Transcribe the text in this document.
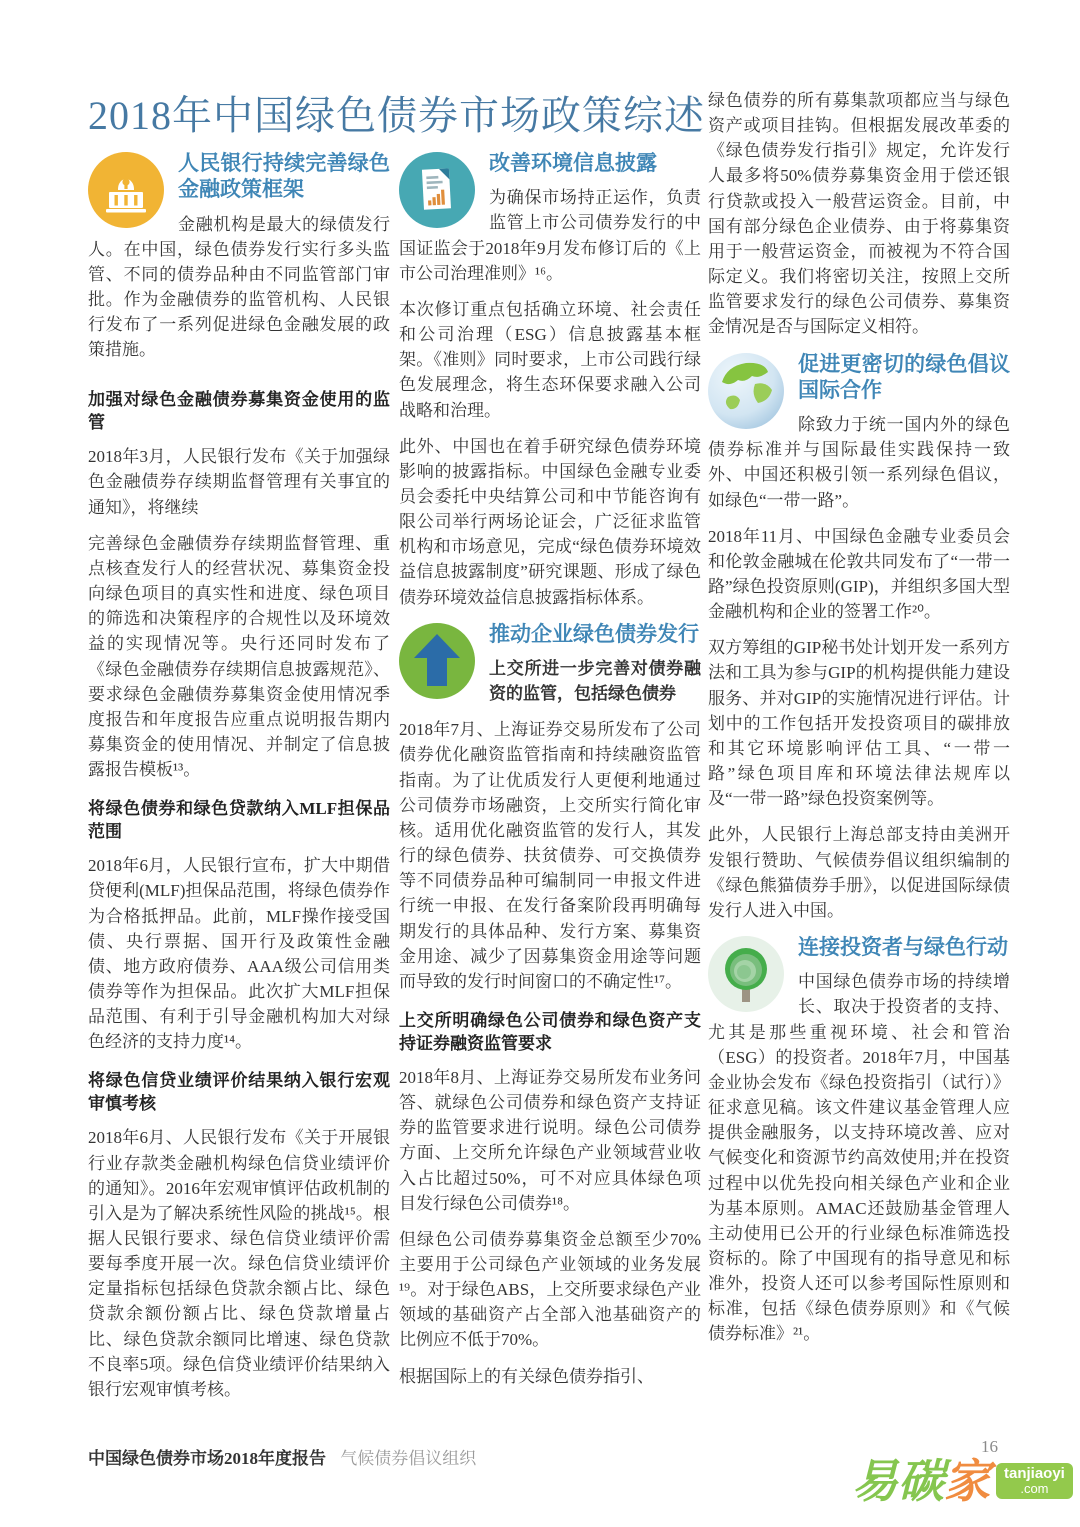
2018年中国绿色债券市场政策综述
人民银行持续完善绿色金融政策框架

金融机构是最大的绿债发行人。在中国，绿色债券发行实行多头监管、不同的债券品种由不同监管部门审批。作为金融债券的监管机构、人民银行发布了一系列促进绿色金融发展的政策措施。

加强对绿色金融债券募集资金使用的监管

2018年3月，人民银行发布《关于加强绿色金融债券存续期监督管理有关事宜的通知》，将继续

完善绿色金融债券存续期监督管理、重点核查发行人的经营状况、募集资金投向绿色项目的真实性和进度、绿色项目的筛选和决策程序的合规性以及环境效益的实现情况等。央行还同时发布了《绿色金融债券存续期信息披露规范》、要求绿色金融债券募集资金使用情况季度报告和年度报告应重点说明报告期内募集资金的使用情况、并制定了信息披露报告模板¹³。

将绿色债券和绿色贷款纳入MLF担保品范围

2018年6月，人民银行宣布，扩大中期借贷便利(MLF)担保品范围，将绿色债券作为合格抵押品。此前，MLF操作接受国债、央行票据、国开行及政策性金融债、地方政府债券、AAA级公司信用类债券等作为担保品。此次扩大MLF担保品范围、有利于引导金融机构加大对绿色经济的支持力度¹⁴。

将绿色信贷业绩评价结果纳入银行宏观审慎考核

2018年6月、人民银行发布《关于开展银行业存款类金融机构绿色信贷业绩评价的通知》。2016年宏观审慎评估政机制的引入是为了解决系统性风险的挑战¹⁵。根据人民银行要求、绿色信贷业绩评价需要每季度开展一次。绿色信贷业绩评价定量指标包括绿色贷款余额占比、绿色贷款余额份额占比、绿色贷款增量占比、绿色贷款余额同比增速、绿色贷款不良率5项。绿色信贷业绩评价结果纳入银行宏观审慎考核。

改善环境信息披露

为确保市场持正运作，负责监管上市公司债券发行的中国证监会于2018年9月发布修订后的《上市公司治理准则》¹⁶。

本次修订重点包括确立环境、社会责任和公司治理（ESG）信息披露基本框架。《准则》同时要求，上市公司践行绿色发展理念，将生态环保要求融入公司战略和治理。

此外、中国也在着手研究绿色债券环境影响的披露指标。中国绿色金融专业委员会委托中央结算公司和中节能咨询有限公司举行两场论证会，广泛征求监管机构和市场意见，完成“绿色债券环境效益信息披露制度”研究课题、形成了绿色债券环境效益信息披露指标体系。

推动企业绿色债券发行

上交所进一步完善对债券融资的监管，包括绿色债券

2018年7月、上海证券交易所发布了公司债券优化融资监管指南和持续融资监管指南。为了让优质发行人更便利地通过公司债券市场融资，上交所实行简化审核。适用优化融资监管的发行人，其发行的绿色债券、扶贫债券、可交换债券等不同债券品种可编制同一申报文件进行统一申报、在发行备案阶段再明确每期发行的具体品种、发行方案、募集资金用途、减少了因募集资金用途等问题而导致的发行时间窗口的不确定性¹⁷。

上交所明确绿色公司债券和绿色资产支持证券融资监管要求

2018年8月、上海证券交易所发布业务问答、就绿色公司债券和绿色资产支持证券的监管要求进行说明。绿色公司债券方面、上交所允许绿色产业领域营业收入占比超过50%，可不对应具体绿色项目发行绿色公司债券¹⁸。

但绿色公司债券募集资金总额至少70%主要用于公司绿色产业领域的业务发展¹⁹。对于绿色ABS，上交所要求绿色产业领域的基础资产占全部入池基础资产的比例应不低于70%。

根据国际上的有关绿色债券指引、

绿色债券的所有募集款项都应当与绿色资产或项目挂钩。但根据发展改革委的《绿色债券发行指引》规定，允许发行人最多将50%债券募集资金用于偿还银行贷款或投入一般营运资金。目前，中国有部分绿色企业债券、由于将募集资用于一般营运资金，而被视为不符合国际定义。我们将密切关注，按照上交所监管要求发行的绿色公司债券、募集资金情况是否与国际定义相符。

促进更密切的绿色倡议国际合作

除致力于统一国内外的绿色债券标准并与国际最佳实践保持一致外、中国还积极引领一系列绿色倡议，如绿色“一带一路”。

2018年11月、中国绿色金融专业委员会和伦敦金融城在伦敦共同发布了“一带一路”绿色投资原则(GIP)，并组织多国大型金融机构和企业的签署工作²⁰。

双方筹组的GIP秘书处计划开发一系列方法和工具为参与GIP的机构提供能力建设服务、并对GIP的实施情况进行评估。计划中的工作包括开发投资项目的碳排放和其它环境影响评估工具、“一带一路”绿色项目库和环境法律法规库以及“一带一路”绿色投资案例等。

此外，人民银行上海总部支持由美洲开发银行赞助、气候债券倡议组织编制的《绿色熊猫债券手册》，以促进国际绿债发行人进入中国。

连接投资者与绿色行动

中国绿色债券市场的持续增长、取决于投资者的支持、尤其是那些重视环境、社会和管治（ESG）的投资者。2018年7月，中国基金业协会发布《绿色投资指引（试行）》征求意见稿。该文件建议基金管理人应提供金融服务，以支持环境改善、应对气候变化和资源节约高效使用;并在投资过程中以优先投向相关绿色产业和企业为基本原则。AMAC还鼓励基金管理人主动使用已公开的行业绿色标准筛选投资标的。除了中国现有的指导意见和标准外，投资人还可以参考国际性原则和标准，包括《绿色债券原则》和《气候债券标准》²¹。

中国绿色债券市场2018年度报告 气候债券倡议组织
16
易 碳 家 tanjiaoyi
.com
